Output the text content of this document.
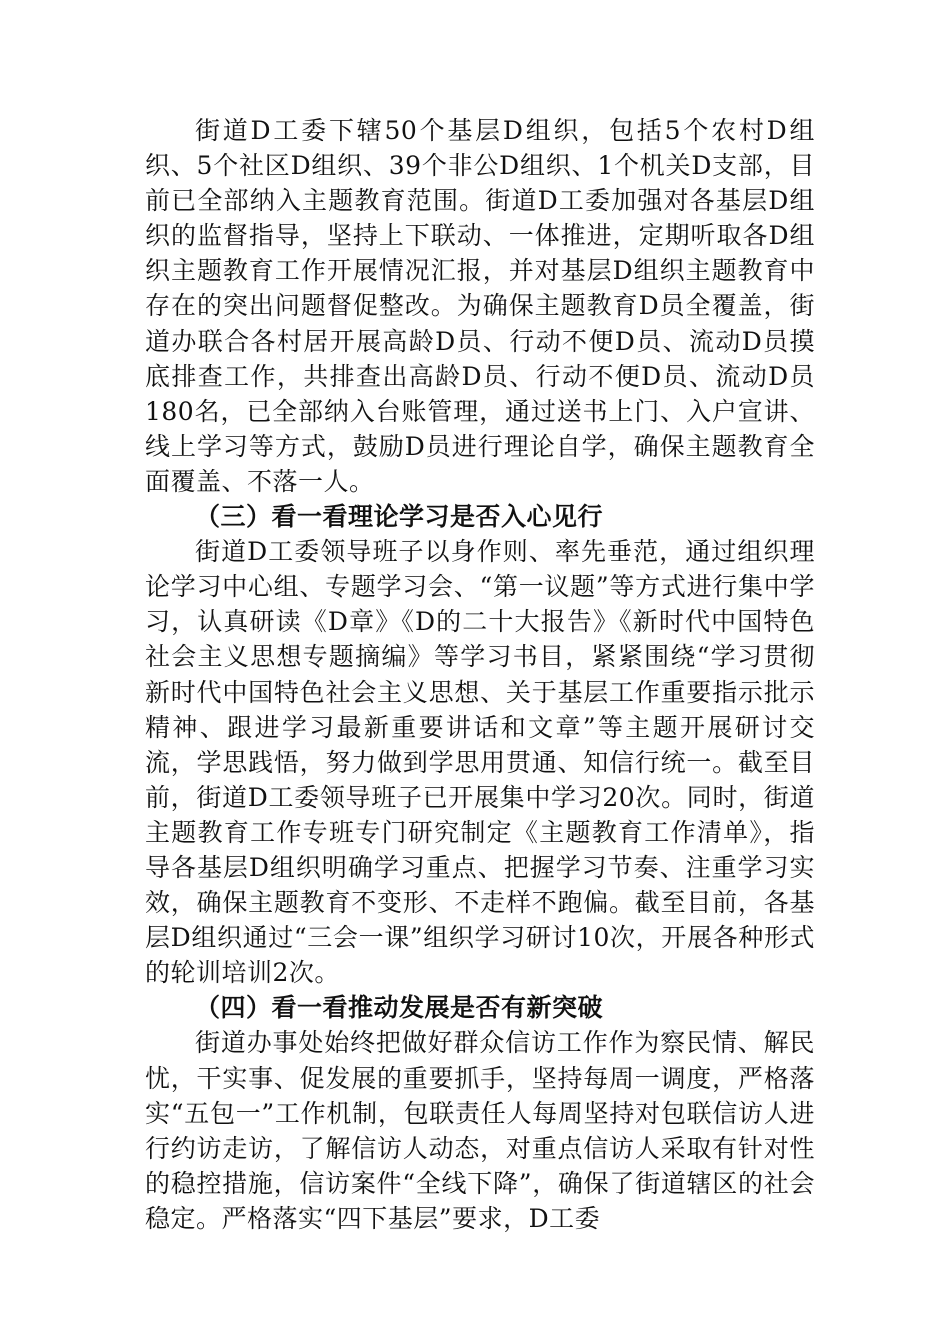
街道D工委下辖50个基层D组织，包括5个农村D组织、5个社区D组织、39个非公D组织、1个机关D支部，目前已全部纳入主题教育范围。街道D工委加强对各基层D组织的监督指导，坚持上下联动、一体推进，定期听取各D组织主题教育工作开展情况汇报，并对基层D组织主题教育中存在的突出问题督促整改。为确保主题教育D员全覆盖，街道办联合各村居开展高龄D员、行动不便D员、流动D员摸底排查工作，共排查出高龄D员、行动不便D员、流动D员180名，已全部纳入台账管理，通过送书上门、入户宣讲、线上学习等方式，鼓励D员进行理论自学，确保主题教育全面覆盖、不落一人。

（三）看一看理论学习是否入心见行

街道D工委领导班子以身作则、率先垂范，通过组织理论学习中心组、专题学习会、“第一议题”等方式进行集中学习，认真研读《D章》《D的二十大报告》《新时代中国特色社会主义思想专题摘编》等学习书目，紧紧围绕“学习贯彻新时代中国特色社会主义思想、关于基层工作重要指示批示精神、跟进学习最新重要讲话和文章”等主题开展研讨交流，学思践悟，努力做到学思用贯通、知信行统一。截至目前，街道D工委领导班子已开展集中学习20次。同时，街道主题教育工作专班专门研究制定《主题教育工作清单》，指导各基层D组织明确学习重点、把握学习节奏、注重学习实效，确保主题教育不变形、不走样不跑偏。截至目前，各基层D组织通过“三会一课”组织学习研讨10次，开展各种形式的轮训培训2次。

（四）看一看推动发展是否有新突破

街道办事处始终把做好群众信访工作作为察民情、解民忧，干实事、促发展的重要抓手，坚持每周一调度，严格落实“五包一”工作机制，包联责任人每周坚持对包联信访人进行约访走访，了解信访人动态，对重点信访人采取有针对性的稳控措施，信访案件“全线下降”，确保了街道辖区的社会稳定。严格落实“四下基层”要求，D工委
